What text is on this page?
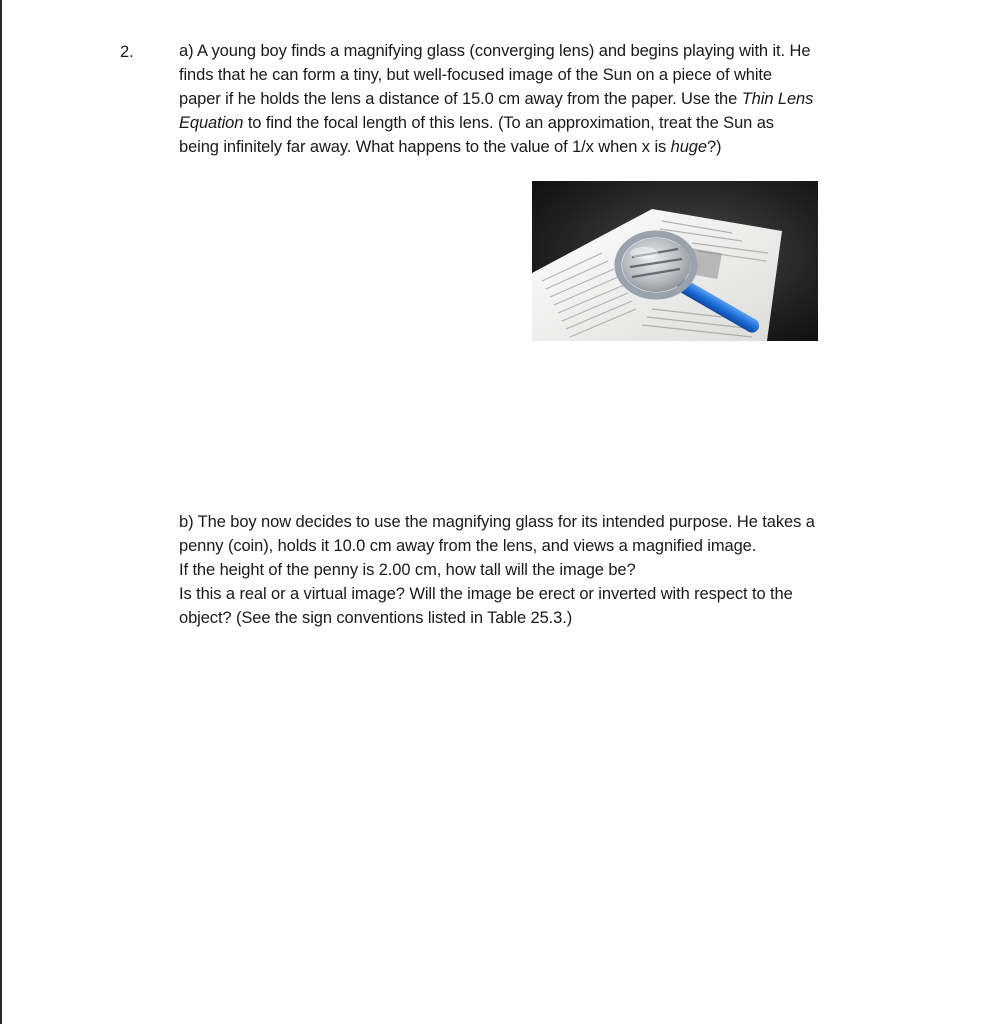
2.	a) A young boy finds a magnifying glass (converging lens) and begins playing with it. He
finds that he can form a tiny, but well-focused image of the Sun on a piece of white
paper if he holds the lens a distance of 15.0 cm away from the paper. Use the Thin Lens
Equation to find the focal length of this lens. (To an approximation, treat the Sun as
being infinitely far away. What happens to the value of 1/x when x is huge?)
b) The boy now decides to use the magnifying glass for its intended purpose. He takes a
penny (coin), holds it 10.0 cm away from the lens, and views a magnified image.
If the height of the penny is 2.00 cm, how tall will the image be?
Is this a real or a virtual image? Will the image be erect or inverted with respect to the
object? (See the sign conventions listed in Table 25.3.)
